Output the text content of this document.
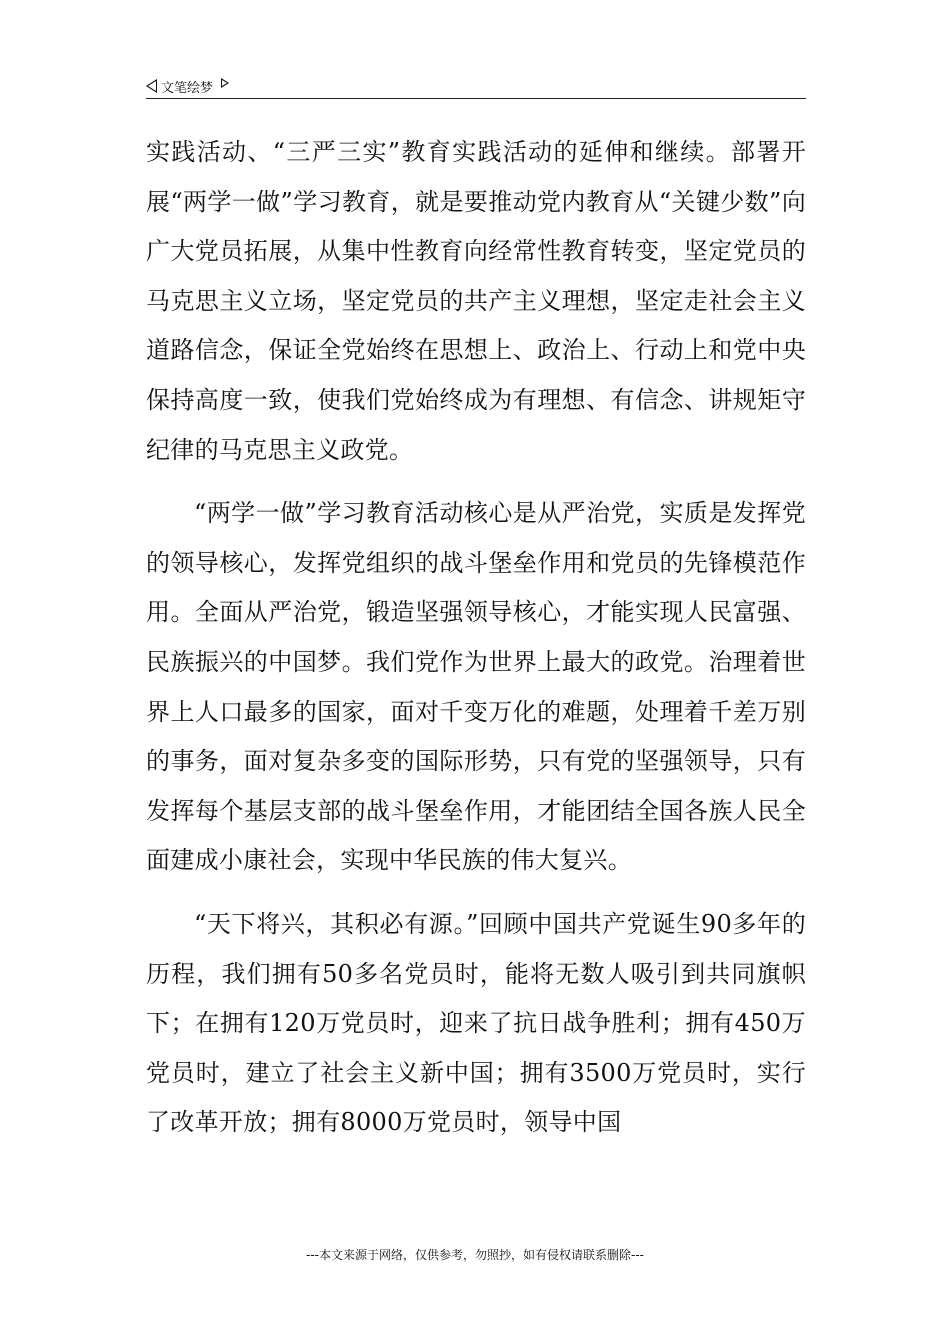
文笔绘梦

实践活动、“三严三实”教育实践活动的延伸和继续。部署开展“两学一做”学习教育，就是要推动党内教育从“关键少数”向广大党员拓展，从集中性教育向经常性教育转变，坚定党员的马克思主义立场，坚定党员的共产主义理想，坚定走社会主义道路信念，保证全党始终在思想上、政治上、行动上和党中央保持高度一致，使我们党始终成为有理想、有信念、讲规矩守纪律的马克思主义政党。

“两学一做”学习教育活动核心是从严治党，实质是发挥党的领导核心，发挥党组织的战斗堡垒作用和党员的先锋模范作用。全面从严治党，锻造坚强领导核心，才能实现人民富强、民族振兴的中国梦。我们党作为世界上最大的政党。治理着世界上人口最多的国家，面对千变万化的难题，处理着千差万别的事务，面对复杂多变的国际形势，只有党的坚强领导，只有发挥每个基层支部的战斗堡垒作用，才能团结全国各族人民全面建成小康社会，实现中华民族的伟大复兴。

“天下将兴，其积必有源。”回顾中国共产党诞生90多年的历程，我们拥有50多名党员时，能将无数人吸引到共同旗帜下；在拥有120万党员时，迎来了抗日战争胜利；拥有450万党员时，建立了社会主义新中国；拥有3500万党员时，实行了改革开放；拥有8000万党员时，领导中国

---本文来源于网络，仅供参考，勿照抄，如有侵权请联系删除---
